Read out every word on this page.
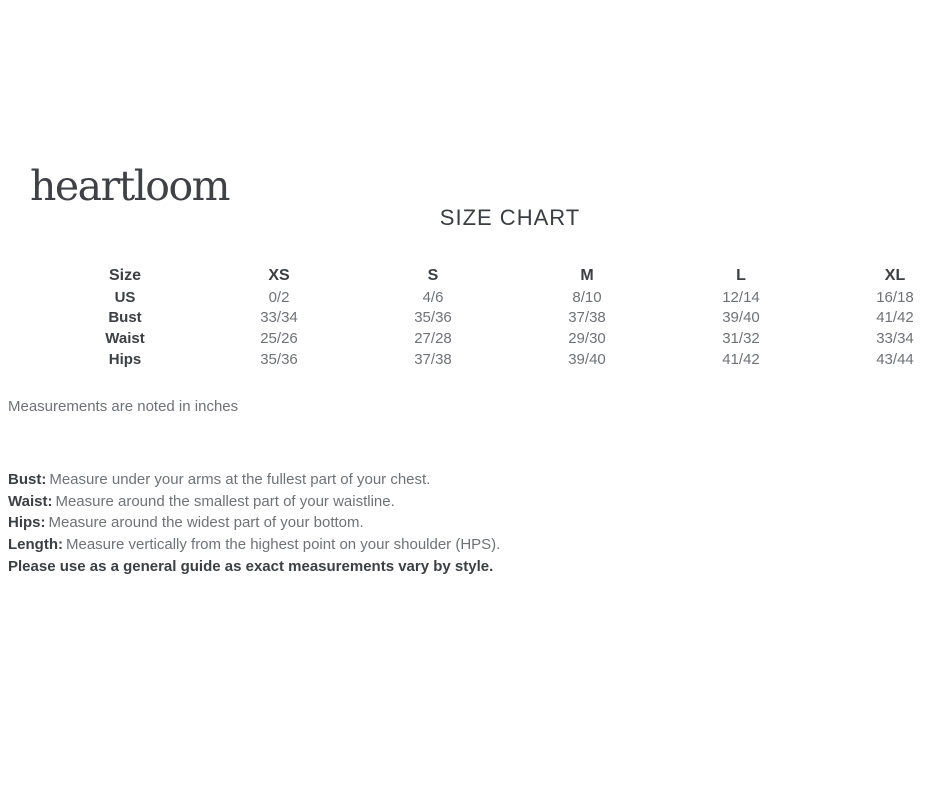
heartloom
SIZE CHART
Size	XS	S	M	L	XL
US	0/2	4/6	8/10	12/14	16/18
Bust	33/34	35/36	37/38	39/40	41/42
Waist	25/26	27/28	29/30	31/32	33/34
Hips	35/36	37/38	39/40	41/42	43/44
Measurements are noted in inches
Bust: Measure under your arms at the fullest part of your chest.
Waist: Measure around the smallest part of your waistline.
Hips: Measure around the widest part of your bottom.
Length: Measure vertically from the highest point on your shoulder (HPS).
Please use as a general guide as exact measurements vary by style.
